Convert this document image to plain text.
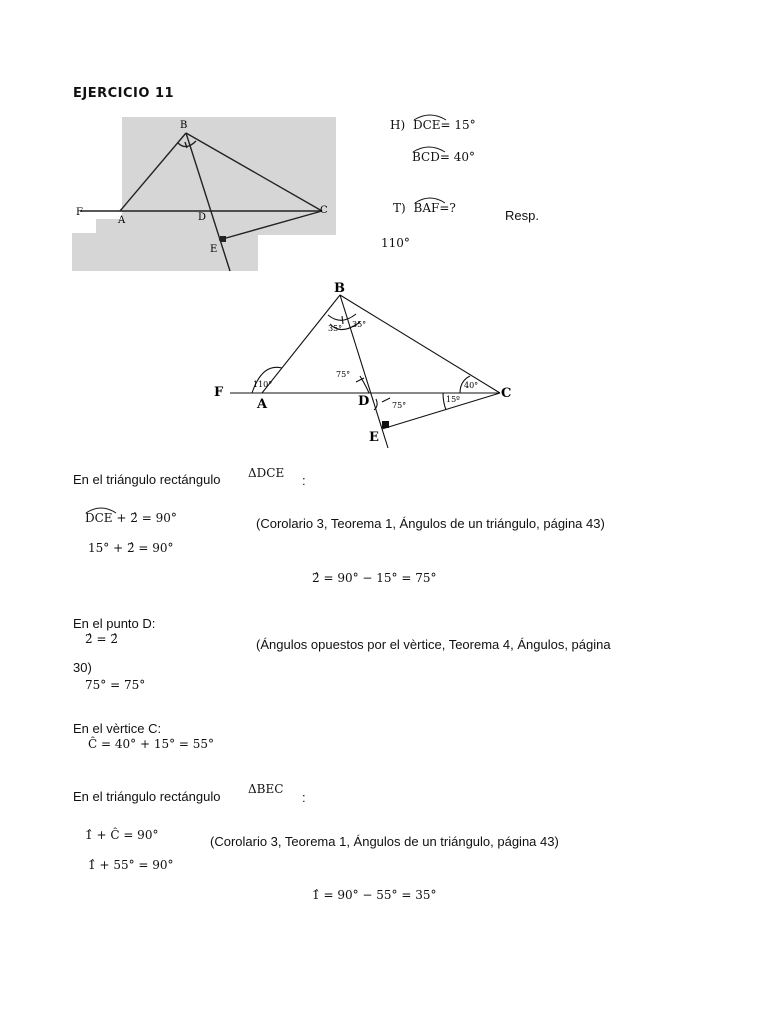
EJERCICIO 11
B
F
A	D
C
E
H) DCE= 15°
BCD= 40°
T) BAF=?	Resp.
110°
B
F
A	D
C
E
110°
35° 35°
75°
75°
40°
15º
En el triángulo rectángulo ΔDCE :
DCE + 2̂ = 90°	(Corolario 3, Teorema 1, Ángulos de un triángulo, página 43)
15° + 2̂ = 90°
2̂ = 90° − 15° = 75°
En el punto D:
2̂ = 2̂	(Ángulos opuestos por el vèrtice, Teorema 4, Ángulos, página
30)
75° = 75°
En el vèrtice C:
Ĉ = 40° + 15° = 55°
En el triángulo rectángulo ΔBEC
:
1̂ + Ĉ = 90°	(Corolario 3, Teorema 1, Ángulos de un triángulo, página 43)
1̂ + 55° = 90°
1̂ = 90° − 55° = 35°
